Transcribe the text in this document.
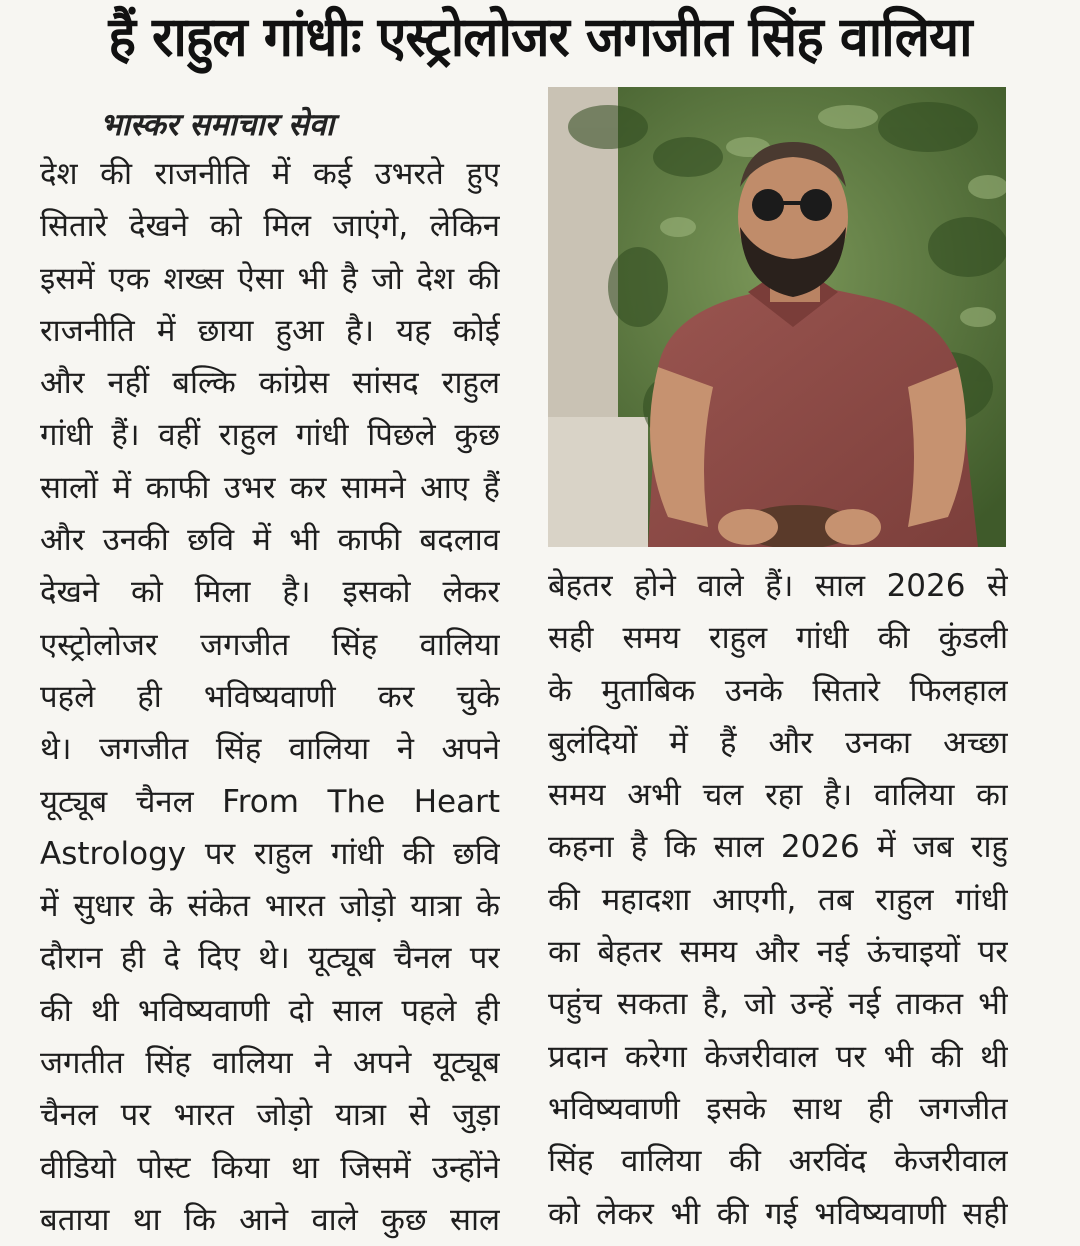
हैं राहुल गांधीः एस्ट्रोलोजर जगजीत सिंह वालिया
भास्कर समाचार सेवा
देश की राजनीति में कई उभरते हुए
सितारे देखने को मिल जाएंगे, लेकिन
इसमें एक शख्स ऐसा भी है जो देश की
राजनीति में छाया हुआ है। यह कोई
और नहीं बल्कि कांग्रेस सांसद राहुल
गांधी हैं। वहीं राहुल गांधी पिछले कुछ
सालों में काफी उभर कर सामने आए हैं
और उनकी छवि में भी काफी बदलाव
देखने को मिला है। इसको लेकर
एस्ट्रोलोजर जगजीत सिंह वालिया
पहले ही भविष्यवाणी कर चुके
थे। जगजीत सिंह वालिया ने अपने
यूट्यूब चैनल From The Heart
Astrology पर राहुल गांधी की छवि
में सुधार के संकेत भारत जोड़ो यात्रा के
दौरान ही दे दिए थे। यूट्यूब चैनल पर
की थी भविष्यवाणी दो साल पहले ही
जगतीत सिंह वालिया ने अपने यूट्यूब
चैनल पर भारत जोड़ो यात्रा से जुड़ा
वीडियो पोस्ट किया था जिसमें उन्होंने
बताया था कि आने वाले कुछ साल
बेहतर होने वाले हैं। साल 2026 से
सही समय राहुल गांधी की कुंडली
के मुताबिक उनके सितारे फिलहाल
बुलंदियों में हैं और उनका अच्छा
समय अभी चल रहा है। वालिया का
कहना है कि साल 2026 में जब राहु
की महादशा आएगी, तब राहुल गांधी
का बेहतर समय और नई ऊंचाइयों पर
पहुंच सकता है, जो उन्हें नई ताकत भी
प्रदान करेगा केजरीवाल पर भी की थी
भविष्यवाणी इसके साथ ही जगजीत
सिंह वालिया की अरविंद केजरीवाल
को लेकर भी की गई भविष्यवाणी सही
